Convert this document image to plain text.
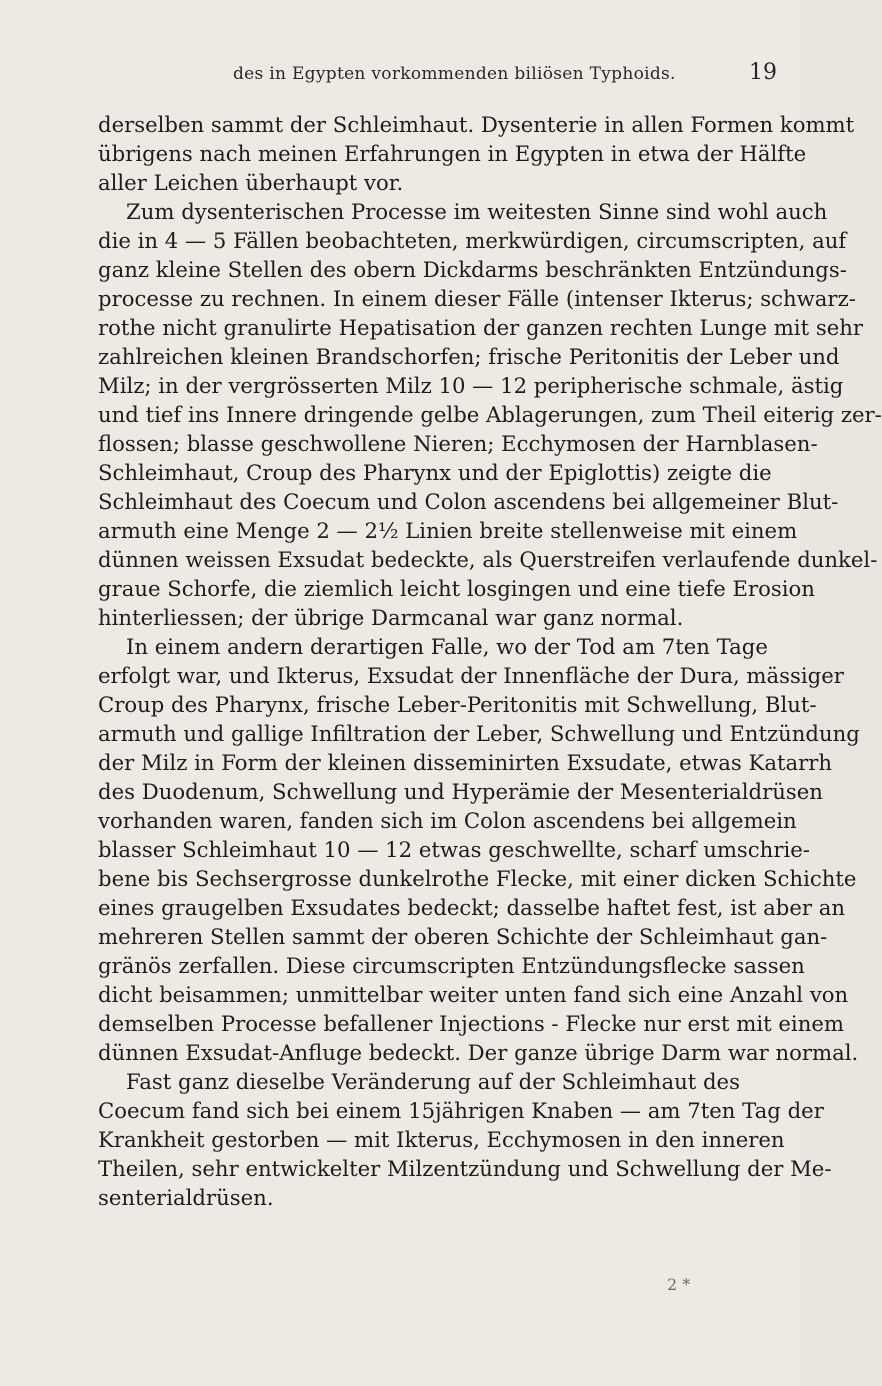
des in Egypten vorkommenden biliösen Typhoids.	19
derselben sammt der Schleimhaut. Dysenterie in allen Formen kommt
übrigens nach meinen Erfahrungen in Egypten in etwa der Hälfte
aller Leichen überhaupt vor.
Zum dysenterischen Processe im weitesten Sinne sind wohl auch
die in 4 — 5 Fällen beobachteten, merkwürdigen, circumscripten, auf
ganz kleine Stellen des obern Dickdarms beschränkten Entzündungs-
processe zu rechnen. In einem dieser Fälle (intenser Ikterus; schwarz-
rothe nicht granulirte Hepatisation der ganzen rechten Lunge mit sehr
zahlreichen kleinen Brandschorfen; frische Peritonitis der Leber und
Milz; in der vergrösserten Milz 10 — 12 peripherische schmale, ästig
und tief ins Innere dringende gelbe Ablagerungen, zum Theil eiterig zer-
flossen; blasse geschwollene Nieren; Ecchymosen der Harnblasen-
Schleimhaut, Croup des Pharynx und der Epiglottis) zeigte die
Schleimhaut des Coecum und Colon ascendens bei allgemeiner Blut-
armuth eine Menge 2 — 2½ Linien breite stellenweise mit einem
dünnen weissen Exsudat bedeckte, als Querstreifen verlaufende dunkel-
graue Schorfe, die ziemlich leicht losgingen und eine tiefe Erosion
hinterliessen; der übrige Darmcanal war ganz normal.
In einem andern derartigen Falle, wo der Tod am 7ten Tage
erfolgt war, und Ikterus, Exsudat der Innenfläche der Dura, mässiger
Croup des Pharynx, frische Leber-Peritonitis mit Schwellung, Blut-
armuth und gallige Infiltration der Leber, Schwellung und Entzündung
der Milz in Form der kleinen disseminirten Exsudate, etwas Katarrh
des Duodenum, Schwellung und Hyperämie der Mesenterialdrüsen
vorhanden waren, fanden sich im Colon ascendens bei allgemein
blasser Schleimhaut 10 — 12 etwas geschwellte, scharf umschrie-
bene bis Sechsergrosse dunkelrothe Flecke, mit einer dicken Schichte
eines graugelben Exsudates bedeckt; dasselbe haftet fest, ist aber an
mehreren Stellen sammt der oberen Schichte der Schleimhaut gan-
gränös zerfallen. Diese circumscripten Entzündungsflecke sassen
dicht beisammen; unmittelbar weiter unten fand sich eine Anzahl von
demselben Processe befallener Injections - Flecke nur erst mit einem
dünnen Exsudat-Anfluge bedeckt. Der ganze übrige Darm war normal.
Fast ganz dieselbe Veränderung auf der Schleimhaut des
Coecum fand sich bei einem 15jährigen Knaben — am 7ten Tag der
Krankheit gestorben — mit Ikterus, Ecchymosen in den inneren
Theilen, sehr entwickelter Milzentzündung und Schwellung der Me-
senterialdrüsen.
2 *
